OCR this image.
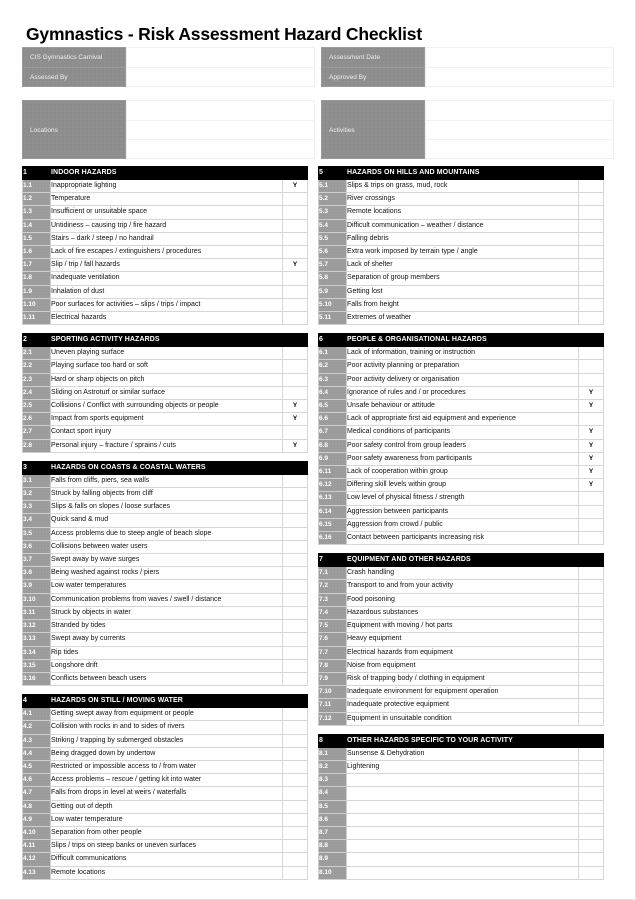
Gymnastics - Risk Assessment Hazard Checklist
CIS Gymnastics Carnival	Assessment Date
Assessed By	Approved By
Locations	Activities
1	INDOOR HAZARDS	
1.1	Inappropriate lighting	Y
1.2	Temperature	
1.3	Insufficient or unsuitable space	
1.4	Untidiness – causing trip / fire hazard	
1.5	Stairs – dark / steep / no handrail	
1.6	Lack of fire escapes / extinguishers / procedures	
1.7	Slip / trip / fall hazards	Y
1.8	Inadequate ventilation	
1.9	Inhalation of dust	
1.10	Poor surfaces for activities – slips / trips / impact	
1.11	Electrical hazards	
2	SPORTING ACTIVITY HAZARDS	
2.1	Uneven playing surface	
2.2	Playing surface too hard or soft	
2.3	Hard or sharp objects on pitch	
2.4	Sliding on Astroturf or similar surface	
2.5	Collisions / Conflict with surrounding objects or people	Y
2.6	Impact from sports equipment	Y
2.7	Contact sport injury	
2.8	Personal injury – fracture / sprains / cuts	Y
3	HAZARDS ON COASTS & COASTAL WATERS	
3.1	Falls from cliffs, piers, sea walls	
3.2	Struck by falling objects from cliff	
3.3	Slips & falls on slopes / loose surfaces	
3.4	Quick sand & mud	
3.5	Access problems due to steep angle of beach slope	
3.6	Collisions between water users	
3.7	Swept away by wave surges	
3.8	Being washed against rocks / piers	
3.9	Low water temperatures	
3.10	Communication problems from waves / swell / distance	
3.11	Struck by objects in water	
3.12	Stranded by tides	
3.13	Swept away by currents	
3.14	Rip tides	
3.15	Longshore drift	
3.16	Conflicts between beach users	
4	HAZARDS ON STILL / MOVING WATER	
4.1	Getting swept away from equipment or people	
4.2	Collision with rocks in and to sides of rivers	
4.3	Striking / trapping by submerged obstacles	
4.4	Being dragged down by undertow	
4.5	Restricted or impossible access to / from water	
4.6	Access problems – rescue / getting kit into water	
4.7	Falls from drops in level at weirs / waterfalls	
4.8	Getting out of depth	
4.9	Low water temperature	
4.10	Separation from other people	
4.11	Slips / trips on steep banks or uneven surfaces	
4.12	Difficult communications	
4.13	Remote locations	
5	HAZARDS ON HILLS AND MOUNTAINS	
5.1	Slips & trips on grass, mud, rock	
5.2	River crossings	
5.3	Remote locations	
5.4	Difficult communication – weather / distance	
5.5	Falling debris	
5.6	Extra work imposed by terrain type / angle	
5.7	Lack of shelter	
5.8	Separation of group members	
5.9	Getting lost	
5.10	Falls from height	
5.11	Extremes of weather	
6	PEOPLE & ORGANISATIONAL HAZARDS	
6.1	Lack of information, training or instruction	
6.2	Poor activity planning or preparation	
6.3	Poor activity delivery or organisation	
6.4	Ignorance of rules and / or procedures	Y
6.5	Unsafe behaviour or attitude	Y
6.6	Lack of appropriate first aid equipment and experience	
6.7	Medical conditions of participants	Y
6.8	Poor safety control from group leaders	Y
6.9	Poor safety awareness from participants	Y
6.11	Lack of cooperation within group	Y
6.12	Differing skill levels within group	Y
6.13	Low level of physical fitness / strength	
6.14	Aggression between participants	
6.15	Aggression from crowd / public	
6.16	Contact between participants increasing risk	
7	EQUIPMENT AND OTHER HAZARDS	
7.1	Crash handling	
7.2	Transport to and from your activity	
7.3	Food poisoning	
7.4	Hazardous substances	
7.5	Equipment with moving / hot parts	
7.6	Heavy equipment	
7.7	Electrical hazards from equipment	
7.8	Noise from equipment	
7.9	Risk of trapping body / clothing in equipment	
7.10	Inadequate environment for equipment operation	
7.11	Inadequate protective equipment	
7.12	Equipment in unsuitable condition	
8	OTHER HAZARDS SPECIFIC TO YOUR ACTIVITY	
8.1	Sunsense & Dehydration	
8.2	Lightening	
8.3		
8.4		
8.5		
8.6		
8.7		
8.8		
8.9		
8.10		
